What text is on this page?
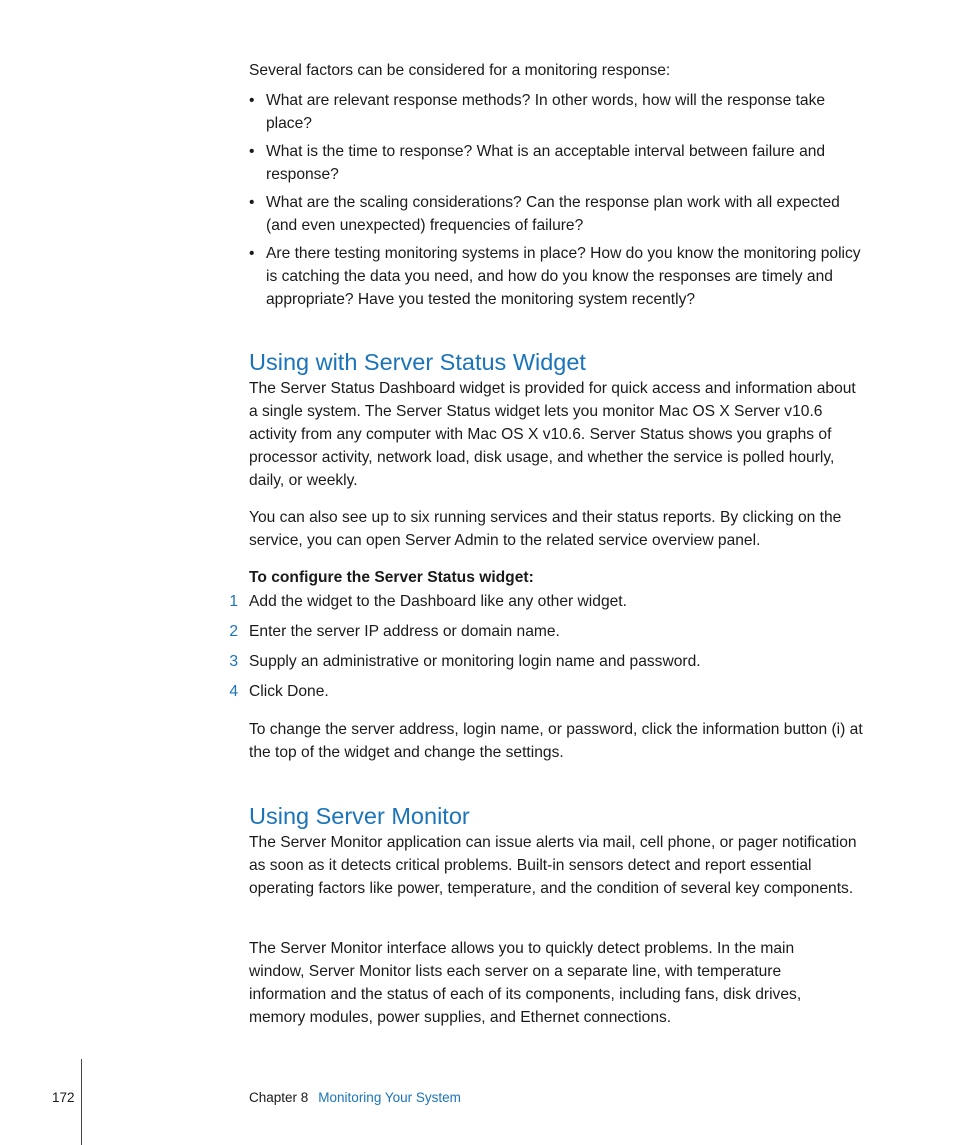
Several factors can be considered for a monitoring response:

• What are relevant response methods? In other words, how will the response take place?

• What is the time to response? What is an acceptable interval between failure and response?

• What are the scaling considerations? Can the response plan work with all expected (and even unexpected) frequencies of failure?

• Are there testing monitoring systems in place? How do you know the monitoring policy is catching the data you need, and how do you know the responses are timely and appropriate? Have you tested the monitoring system recently?

Using with Server Status Widget

The Server Status Dashboard widget is provided for quick access and information about a single system. The Server Status widget lets you monitor Mac OS X Server v10.6 activity from any computer with Mac OS X v10.6. Server Status shows you graphs of processor activity, network load, disk usage, and whether the service is polled hourly, daily, or weekly.

You can also see up to six running services and their status reports. By clicking on the service, you can open Server Admin to the related service overview panel.

To configure the Server Status widget:
1 Add the widget to the Dashboard like any other widget.
2 Enter the server IP address or domain name.
3 Supply an administrative or monitoring login name and password.
4 Click Done.

To change the server address, login name, or password, click the information button (i) at the top of the widget and change the settings.

Using Server Monitor

The Server Monitor application can issue alerts via mail, cell phone, or pager notification as soon as it detects critical problems. Built-in sensors detect and report essential operating factors like power, temperature, and the condition of several key components.

The Server Monitor interface allows you to quickly detect problems. In the main window, Server Monitor lists each server on a separate line, with temperature information and the status of each of its components, including fans, disk drives, memory modules, power supplies, and Ethernet connections.

172	Chapter 8 Monitoring Your System
